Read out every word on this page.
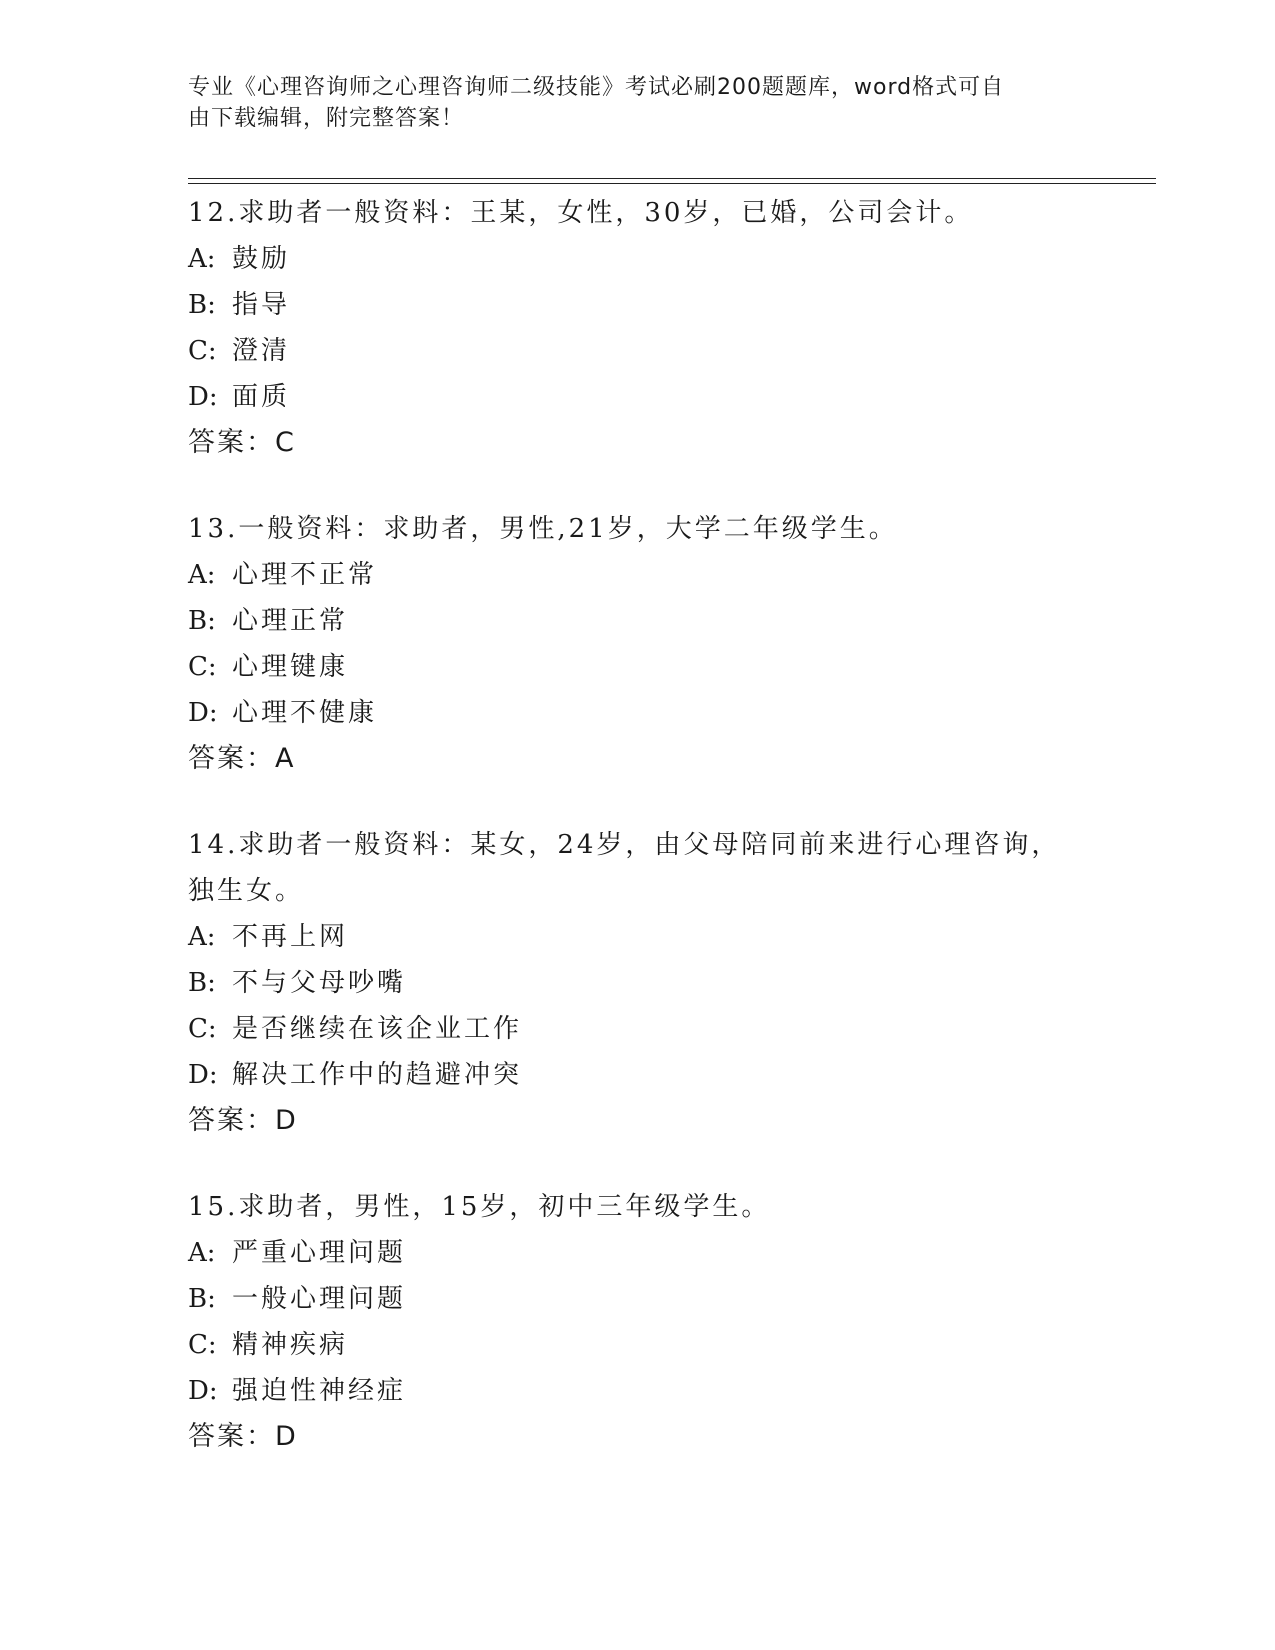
专业《心理咨询师之心理咨询师二级技能》考试必刷200题题库，word格式可自
由下载编辑，附完整答案！
12.求助者一般资料：王某，女性，30岁，已婚，公司会计。
A: 鼓励
B: 指导
C: 澄清
D: 面质
答案：C
13.一般资料：求助者，男性,21岁，大学二年级学生。
A: 心理不正常
B: 心理正常
C: 心理键康
D: 心理不健康
答案：A
14.求助者一般资料：某女，24岁，由父母陪同前来进行心理咨询，独生女。
A: 不再上网
B: 不与父母吵嘴
C: 是否继续在该企业工作
D: 解决工作中的趋避冲突
答案：D
15.求助者，男性，15岁，初中三年级学生。
A: 严重心理问题
B: 一般心理问题
C: 精神疾病
D: 强迫性神经症
答案：D
